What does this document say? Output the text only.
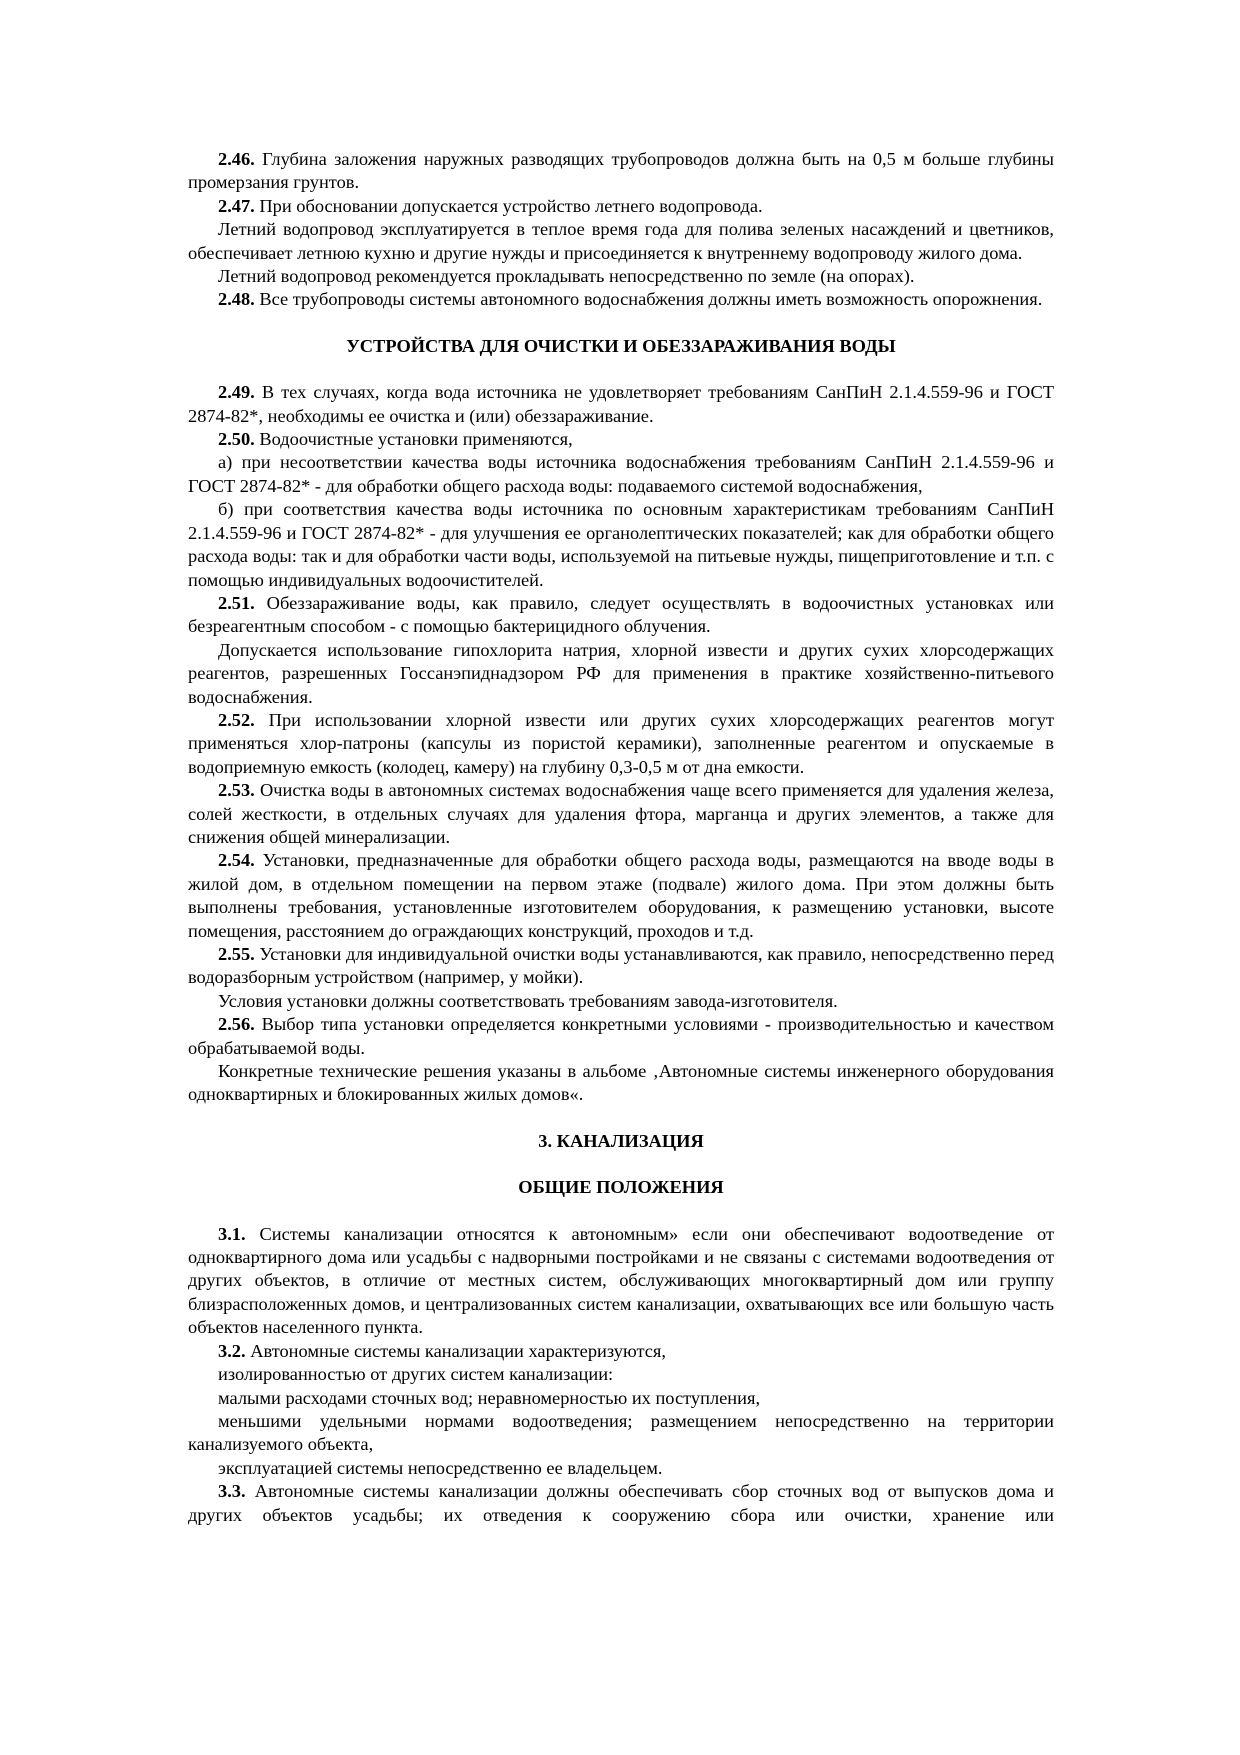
2.46. Глубина заложения наружных разводящих трубопроводов должна быть на 0,5 м больше глубины промерзания грунтов.

2.47. При обосновании допускается устройство летнего водопровода.

Летний водопровод эксплуатируется в теплое время года для полива зеленых насаждений и цветников, обеспечивает летнюю кухню и другие нужды и присоединяется к внутреннему водопроводу жилого дома.

Летний водопровод рекомендуется прокладывать непосредственно по земле (на опорах).

2.48. Все трубопроводы системы автономного водоснабжения должны иметь возможность опорожнения.

УСТРОЙСТВА ДЛЯ ОЧИСТКИ И ОБЕЗЗАРАЖИВАНИЯ ВОДЫ

2.49. В тех случаях, когда вода источника не удовлетворяет требованиям СанПиН 2.1.4.559-96 и ГОСТ 2874-82*, необходимы ее очистка и (или) обеззараживание.

2.50. Водоочистные установки применяются,

а) при несоответствии качества воды источника водоснабжения требованиям СанПиН 2.1.4.559-96 и ГОСТ 2874-82* - для обработки общего расхода воды: подаваемого системой водоснабжения,

б) при соответствия качества воды источника по основным характеристикам требованиям СанПиН 2.1.4.559-96 и ГОСТ 2874-82* - для улучшения ее органолептических показателей; как для обработки общего расхода воды: так и для обработки части воды, используемой на питьевые нужды, пищеприготовление и т.п. с помощью индивидуальных водоочистителей.

2.51. Обеззараживание воды, как правило, следует осуществлять в водоочистных установках или безреагентным способом - с помощью бактерицидного облучения.

Допускается использование гипохлорита натрия, хлорной извести и других сухих хлорсодержащих реагентов, разрешенных Госсанэпиднадзором РФ для применения в практике хозяйственно-питьевого водоснабжения.

2.52. При использовании хлорной извести или других сухих хлорсодержащих реагентов могут применяться хлор-патроны (капсулы из пористой керамики), заполненные реагентом и опускаемые в водоприемную емкость (колодец, камеру) на глубину 0,3-0,5 м от дна емкости.

2.53. Очистка воды в автономных системах водоснабжения чаще всего применяется для удаления железа, солей жесткости, в отдельных случаях для удаления фтора, марганца и других элементов, а также для снижения общей минерализации.

2.54. Установки, предназначенные для обработки общего расхода воды, размещаются на вводе воды в жилой дом, в отдельном помещении на первом этаже (подвале) жилого дома. При этом должны быть выполнены требования, установленные изготовителем оборудования, к размещению установки, высоте помещения, расстоянием до ограждающих конструкций, проходов и т.д.

2.55. Установки для индивидуальной очистки воды устанавливаются, как правило, непосредственно перед водоразборным устройством (например, у мойки).

Условия установки должны соответствовать требованиям завода-изготовителя.

2.56. Выбор типа установки определяется конкретными условиями - производительностью и качеством обрабатываемой воды.

Конкретные технические решения указаны в альбоме ‚Автономные системы инженерного оборудования одноквартирных и блокированных жилых домов«.

3. КАНАЛИЗАЦИЯ
ОБЩИЕ ПОЛОЖЕНИЯ

3.1. Системы канализации относятся к автономным» если они обеспечивают водоотведение от одноквартирного дома или усадьбы с надворными постройками и не связаны с системами водоотведения от других объектов, в отличие от местных систем, обслуживающих многоквартирный дом или группу близрасположенных домов, и централизованных систем канализации, охватывающих все или большую часть объектов населенного пункта.

3.2. Автономные системы канализации характеризуются,

изолированностью от других систем канализации:

малыми расходами сточных вод; неравномерностью их поступления,

меньшими удельными нормами водоотведения; размещением непосредственно на территории канализуемого объекта,

эксплуатацией системы непосредственно ее владельцем.

3.3. Автономные системы канализации должны обеспечивать сбор сточных вод от выпусков дома и других объектов усадьбы; их отведения к сооружению сбора или очистки, хранение или
